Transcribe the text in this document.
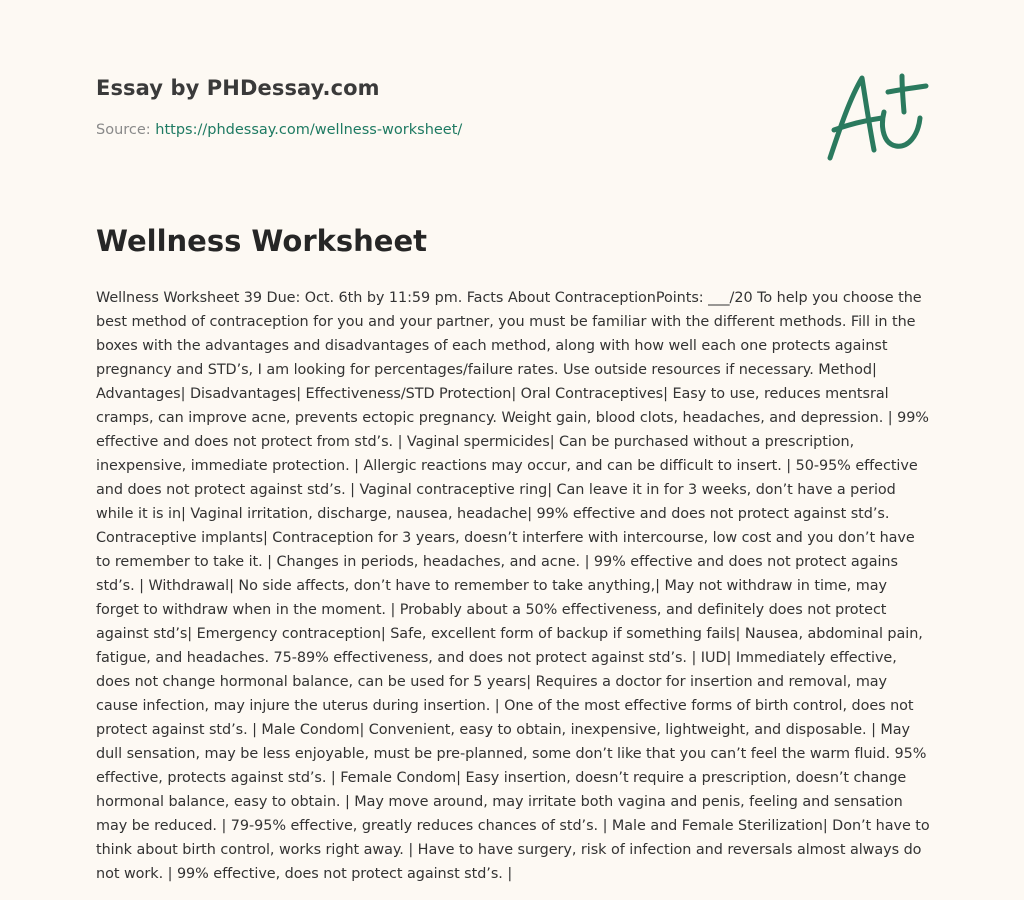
Essay by PHDessay.com
Source: https://phdessay.com/wellness-worksheet/
Wellness Worksheet

Wellness Worksheet 39 Due: Oct. 6th by 11:59 pm. Facts About ContraceptionPoints: ___/20 To help you choose the best method of contraception for you and your partner, you must be familiar with the different methods. Fill in the boxes with the advantages and disadvantages of each method, along with how well each one protects against pregnancy and STD’s, I am looking for percentages/failure rates. Use outside resources if necessary. Method| Advantages| Disadvantages| Effectiveness/STD Protection| Oral Contraceptives| Easy to use, reduces mentsral cramps, can improve acne, prevents ectopic pregnancy. Weight gain, blood clots, headaches, and depression. | 99% effective and does not protect from std’s. | Vaginal spermicides| Can be purchased without a prescription, inexpensive, immediate protection. | Allergic reactions may occur, and can be difficult to insert. | 50-95% effective and does not protect against std’s. | Vaginal contraceptive ring| Can leave it in for 3 weeks, don’t have a period while it is in| Vaginal irritation, discharge, nausea, headache| 99% effective and does not protect against std’s. Contraceptive implants| Contraception for 3 years, doesn’t interfere with intercourse, low cost and you don’t have to remember to take it. | Changes in periods, headaches, and acne. | 99% effective and does not protect agains std’s. | Withdrawal| No side affects, don’t have to remember to take anything,| May not withdraw in time, may forget to withdraw when in the moment. | Probably about a 50% effectiveness, and definitely does not protect against std’s| Emergency contraception| Safe, excellent form of backup if something fails| Nausea, abdominal pain, fatigue, and headaches. 75-89% effectiveness, and does not protect against std’s. | IUD| Immediately effective, does not change hormonal balance, can be used for 5 years| Requires a doctor for insertion and removal, may cause infection, may injure the uterus during insertion. | One of the most effective forms of birth control, does not protect against std’s. | Male Condom| Convenient, easy to obtain, inexpensive, lightweight, and disposable. | May dull sensation, may be less enjoyable, must be pre-planned, some don’t like that you can’t feel the warm fluid. 95% effective, protects against std’s. | Female Condom| Easy insertion, doesn’t require a prescription, doesn’t change hormonal balance, easy to obtain. | May move around, may irritate both vagina and penis, feeling and sensation may be reduced. | 79-95% effective, greatly reduces chances of std’s. | Male and Female Sterilization| Don’t have to think about birth control, works right away. | Have to have surgery, risk of infection and reversals almost always do not work. | 99% effective, does not protect against std’s. |
